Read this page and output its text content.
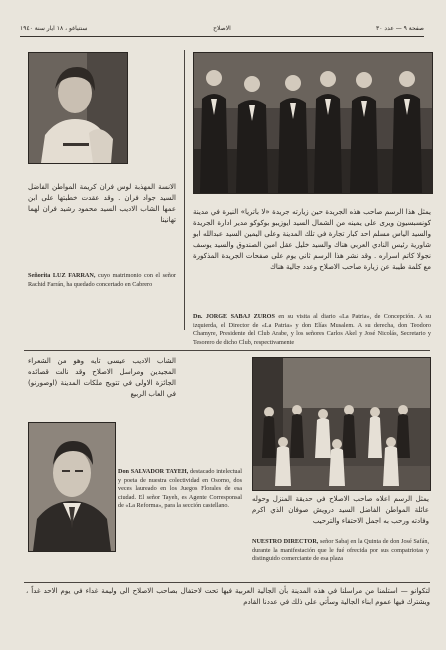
سنتياغو ، ١٨ ايار سنة ١٩٤٠	الاصلاح	صفحة ٩ — عدد ٣٠
الانسة المهذبة لوس فران كريمة المواطن الفاضل السيد جواد فران . وقد عقدت خطبتها على ابن عمها الشاب الاديب السيد محمود رشيد فران لهما تهانينا
Señorita LUZ FARRAN, cuyo matrimonio con el señor Rachid Farrán, ha quedado concertado en Cabrero
يمثل هذا الرسم صاحب هذه الجريدة حين زيارته جريدة «لا باتريا» النيرة في مدينة كونسبسيون ويرى على يمينه من الشمال السيد ايوزيبو بوكوكو مدير ادارة الجريدة والسيد الياس مسلم احد كبار تجارة في تلك المدينة وعلى اليمين السيد عبدالله ابو شاورية رئيس النادي العربي هناك والسيد خليل عقل امين الصندوق والسيد يوسف نجولا كاتم اسراره . وقد نشر هذا الرسم ثاني يوم على صفحات الجريدة المذكورة مع كلمة طيبة عن زيارة صاحب الاصلاح وعدد جالية هناك
Dn. JORGE SABAJ ZUROS en su visita al diario «La Patria», de Concepción. A su izquierda, el Director de «La Patria» y don Elías Musalem. A su derecha, don Teodoro Chamyre, Presidente del Club Arabe, y los señores Carlos Akel y José Nicolás, Secretario y Tesorero de dicho Club, respectivamente
الشاب الاديب عيسى تايه وهو من الشعراء المجيدين ومراسل الاصلاح وقد نالت قصائده الجائزة الاولى في تتويج ملكات المدينة (اوصورنو) في العاب الربيع
Don SALVADOR TAYEH, destacado intelectual y poeta de nuestra colectividad en Osorno, dos veces laureado en los Juegos Florales de esa ciudad. El señor Tayeh, es Agente Corresponsal de «La Reforma», para la sección castellano.
يمثل الرسم اعلاه صاحب الاصلاح في حديقة المنزل وحوله عائلة المواطن الفاضل السيد درويش صوفان الذي اكرم وفادته ورحب به اجمل الاحتفاء والترحيب
NUESTRO DIRECTOR, señor Sabaj en la Quinta de don José Safán, durante la manifestación que le fué ofrecida por sus compatriotas y distinguido comerciante de esa plaza
لتكوانو — استلمنا من مراسلنا في هذه المدينة بأن الجالية العربية فيها تحت لاحتفال بصاحب الاصلاح الى وليمة غداء في يوم الاحد غداً ، ويشترك فيها عموم ابناء الجالية وسأتي على ذلك في عددنا القادم
